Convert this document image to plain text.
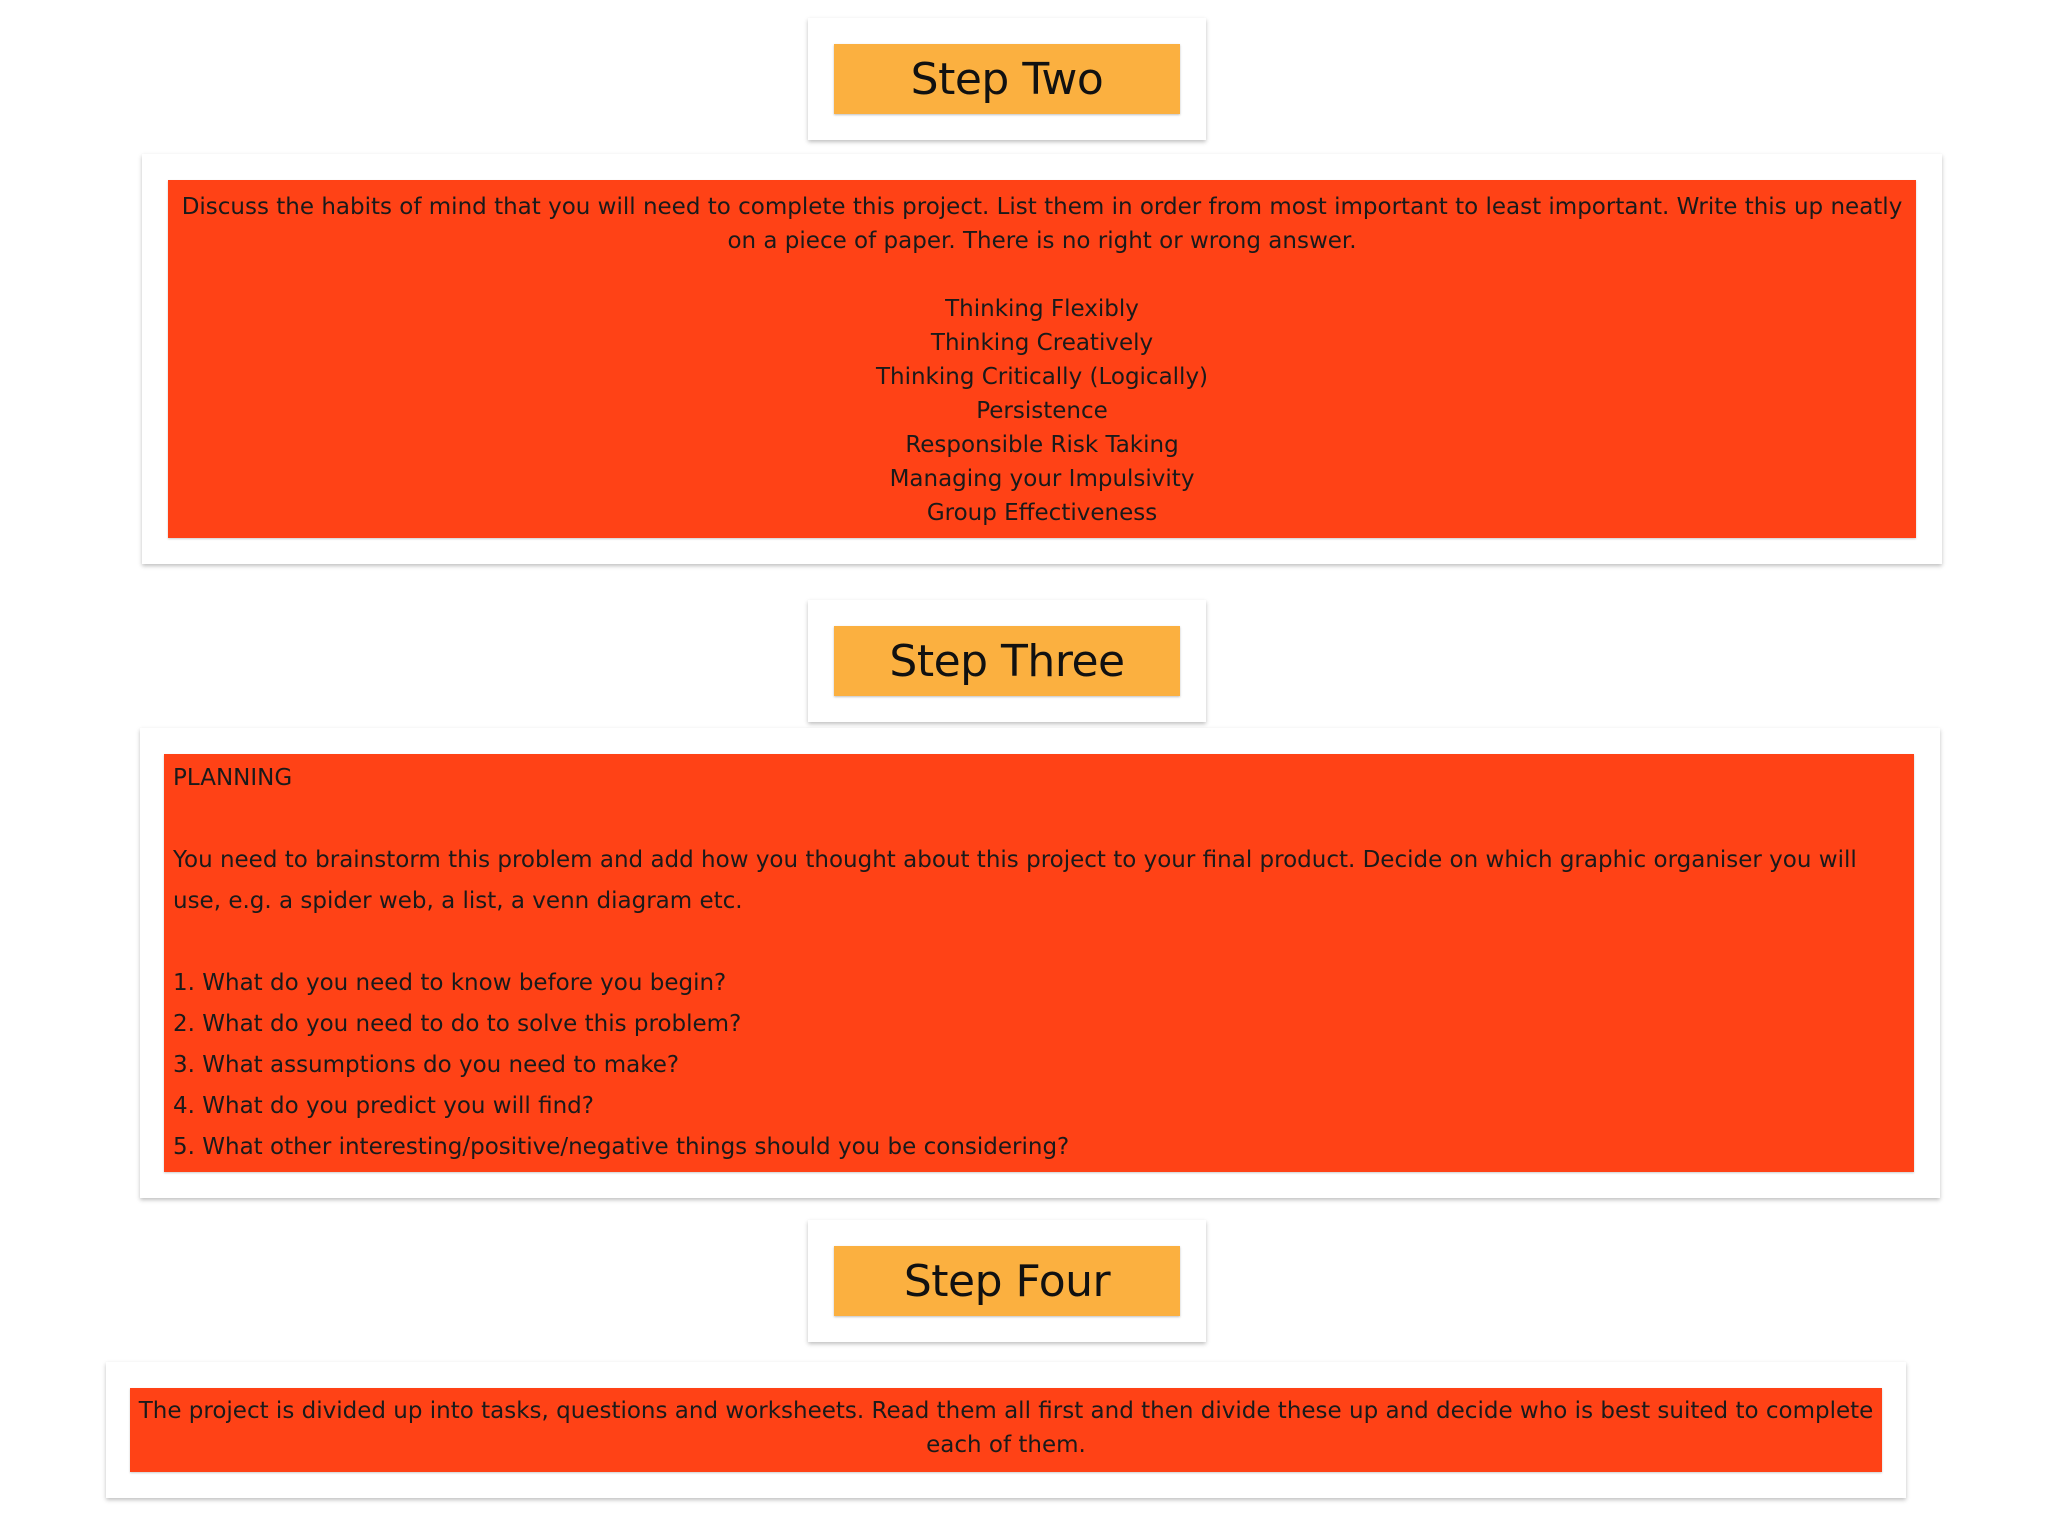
Step Two

Discuss the habits of mind that you will need to complete this project. List them in order from most important to least important. Write this up neatly on a piece of paper. There is no right or wrong answer.

Thinking Flexibly
Thinking Creatively
Thinking Critically (Logically)
Persistence
Responsible Risk Taking
Managing your Impulsivity
Group Effectiveness
Step Three

PLANNING

You need to brainstorm this problem and add how you thought about this project to your final product. Decide on which graphic organiser you will use, e.g. a spider web, a list, a venn diagram etc.

1. What do you need to know before you begin?
2. What do you need to do to solve this problem?
3. What assumptions do you need to make?
4. What do you predict you will find?
5. What other interesting/positive/negative things should you be considering?
Step Four

The project is divided up into tasks, questions and worksheets. Read them all first and then divide these up and decide who is best suited to complete each of them.
